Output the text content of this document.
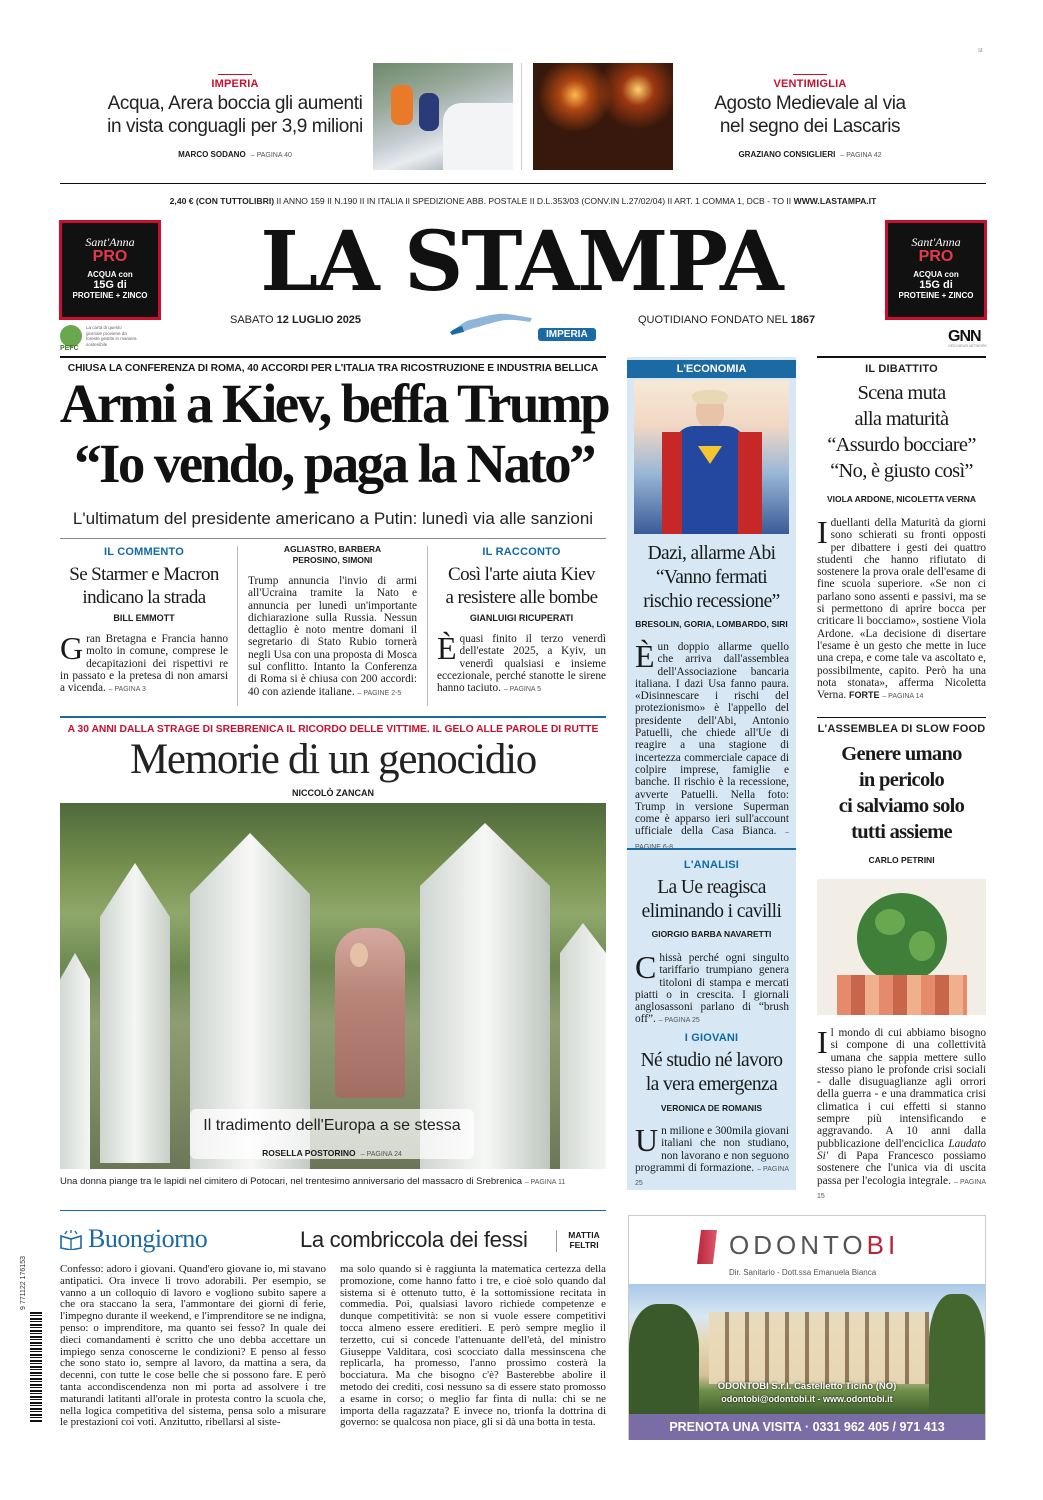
st
IMPERIA
Acqua, Arera boccia gli aumenti
in vista conguagli per 3,9 milioni
MARCO SODANO – PAGINA 40
VENTIMIGLIA
Agosto Medievale al via
nel segno dei Lascaris
GRAZIANO CONSIGLIERI – PAGINA 42
2,40 € (CON TUTTOLIBRI) II ANNO 159 II N.190 II IN ITALIA II SPEDIZIONE ABB. POSTALE II D.L.353/03 (CONV.IN L.27/02/04) II ART. 1 COMMA 1, DCB - TO II WWW.LASTAMPA.IT
Sant'Anna
PRO
ACQUA con
15G di
PROTEINE + ZINCO
Sant'Anna
PRO
ACQUA con
15G di
PROTEINE + ZINCO
LA STAMPA
SABATO 12 LUGLIO 2025
IMPERIA
QUOTIDIANO FONDATO NEL 1867
PEFC
La carta di questo giornale proviene da foreste gestite in maniera sostenibile	GNN
GEDI NEWS NETWORK
CHIUSA LA CONFERENZA DI ROMA, 40 ACCORDI PER L'ITALIA TRA RICOSTRUZIONE E INDUSTRIA BELLICA
Armi a Kiev, beffa Trump
“Io vendo, paga la Nato”
L'ultimatum del presidente americano a Putin: lunedì via alle sanzioni
IL COMMENTO
Se Starmer e Macron
indicano la strada
BILL EMMOTT
Gran Bretagna e Francia hanno molto in comune, comprese le decapitazioni dei rispettivi re in passato e la pretesa di non amarsi a vicenda. – PAGINA 3
AGLIASTRO, BARBERA
PEROSINO, SIMONI
Trump annuncia l'invio di armi all'Ucraina tramite la Nato e annuncia per lunedì un'importante dichiarazione sulla Russia. Nessun dettaglio è noto mentre domani il segretario di Stato Rubio tornerà negli Usa con una proposta di Mosca sul conflitto. Intanto la Conferenza di Roma si è chiusa con 200 accordi: 40 con aziende italiane. – PAGINE 2-5
IL RACCONTO
Così l'arte aiuta Kiev
a resistere alle bombe
GIANLUIGI RICUPERATI
Èquasi finito il terzo venerdì dell'estate 2025, a Kyiv, un venerdì qualsiasi e insieme eccezionale, perché stanotte le sirene hanno taciuto. – PAGINA 5
A 30 ANNI DALLA STRAGE DI SREBRENICA IL RICORDO DELLE VITTIME. IL GELO ALLE PAROLE DI RUTTE
Memorie di un genocidio
NICCOLÒ ZANCAN
Il tradimento dell'Europa a se stessa
ROSELLA POSTORINO – PAGINA 24
Una donna piange tra le lapidi nel cimitero di Potocari, nel trentesimo anniversario del massacro di Srebrenica – PAGINA 11
L'ECONOMIA
Dazi, allarme Abi
“Vanno fermati
rischio recessione”
BRESOLIN, GORIA, LOMBARDO, SIRI
Èun doppio allarme quello che arriva dall'assemblea dell'Associazione bancaria italiana. I dazi Usa fanno paura. «Disinnescare i rischi del protezionismo» è l'appello del presidente dell'Abi, Antonio Patuelli, che chiede all'Ue di reagire a una stagione di incertezza commerciale capace di colpire imprese, famiglie e banche. Il rischio è la recessione, avverte Patuelli. Nella foto: Trump in versione Superman come è apparso ieri sull'account ufficiale della Casa Bianca. –
L'ANALISI
La Ue reagisca
eliminando i cavilli
GIORGIO BARBA NAVARETTI
Chissà perché ogni singulto tariffario trumpiano genera titoloni di stampa e mercati piatti o in crescita. I giornali anglosassoni parlano di “brush off”. – PAGINA 25
I GIOVANI
Né studio né lavoro
la vera emergenza
VERONICA DE ROMANIS
Un milione e 300mila giovani italiani che non studiano, non lavorano e non seguono programmi di formazione. – PAGINA 25
IL DIBATTITO
Scena muta
alla maturità
“Assurdo bocciare”
“No, è giusto così”
VIOLA ARDONE, NICOLETTA VERNA
Iduellanti della Maturità da giorni sono schierati su fronti opposti per dibattere i gesti dei quattro studenti che hanno rifiutato di sostenere la prova orale dell'esame di fine scuola superiore. «Se non ci parlano sono assenti e passivi, ma se si permettono di aprire bocca per criticare li bocciamo», sostiene Viola Ardone. «La decisione di disertare l'esame è un gesto che mette in luce una crepa, e come tale va ascoltato e, possibilmente, capito. Però ha una nota stonata», afferma Nicoletta Verna. FORTE – PAGINA 14
L'ASSEMBLEA DI SLOW FOOD
Genere umano
in pericolo
ci salviamo solo
tutti assieme
CARLO PETRINI
Il mondo di cui abbiamo bisogno si compone di una collettività umana che sappia mettere sullo stesso piano le profonde crisi sociali - dalle disuguaglianze agli orrori della guerra - e una drammatica crisi climatica i cui effetti si stanno sempre più intensificando e aggravando. A 10 anni dalla pubblicazione dell'enciclica Laudato Si' di Papa Francesco possiamo sostenere che l'unica via di uscita passa per l'ecologia integrale. – PAGINA 15
Buongiorno	La combriccola dei fessi	MATTIA
FELTRI
9 771122 176153	Confesso: adoro i giovani. Quand'ero giovane io, mi stavano antipatici. Ora invece li trovo adorabili. Per esempio, se vanno a un colloquio di lavoro e vogliono subito sapere a che ora staccano la sera, l'ammontare dei giorni di ferie, l'impegno durante il weekend, e l'imprenditore se ne indigna, penso: o imprenditore, ma quanto sei fesso? In quale dei dieci comandamenti è scritto che uno debba accettare un impiego senza conoscerne le condizioni? E penso al fesso che sono stato io, sempre al lavoro, da mattina a sera, da decenni, con tutte le cose belle che si possono fare. E però tanta accondiscendenza non mi porta ad assolvere i tre maturandi latitanti all'orale in protesta contro la scuola che, nella logica competitiva del sistema, pensa solo a misurare le prestazioni coi voti. Anzitutto, ribellarsi al siste-
ma solo quando si è raggiunta la matematica certezza della promozione, come hanno fatto i tre, e cioè solo quando dal sistema si è ottenuto tutto, è la sottomissione recitata in commedia. Poi, qualsiasi lavoro richiede competenze e dunque competitività: se non si vuole essere competitivi tocca almeno essere ereditieri. E però sempre meglio il terzetto, cui si concede l'attenuante dell'età, del ministro Giuseppe Valditara, così scocciato dalla messinscena che replicarla, ha promesso, l'anno prossimo costerà la bocciatura. Ma che bisogno c'è? Basterebbe abolire il metodo dei crediti, così nessuno sa di essere stato promosso a esame in corso; o meglio far finta di nulla: chi se ne importa della ragazzata? E invece no, trionfa la dottrina di governo: se qualcosa non piace, gli si dà una botta in testa.
ODONTOBI
Dir. Sanitario - Dott.ssa Emanuela Bianca
ODONTOBI S.r.l. Castelletto Ticino (NO)
odontobi@odontobi.it - www.odontobi.it
PRENOTA UNA VISITA · 0331 962 405 / 971 413
